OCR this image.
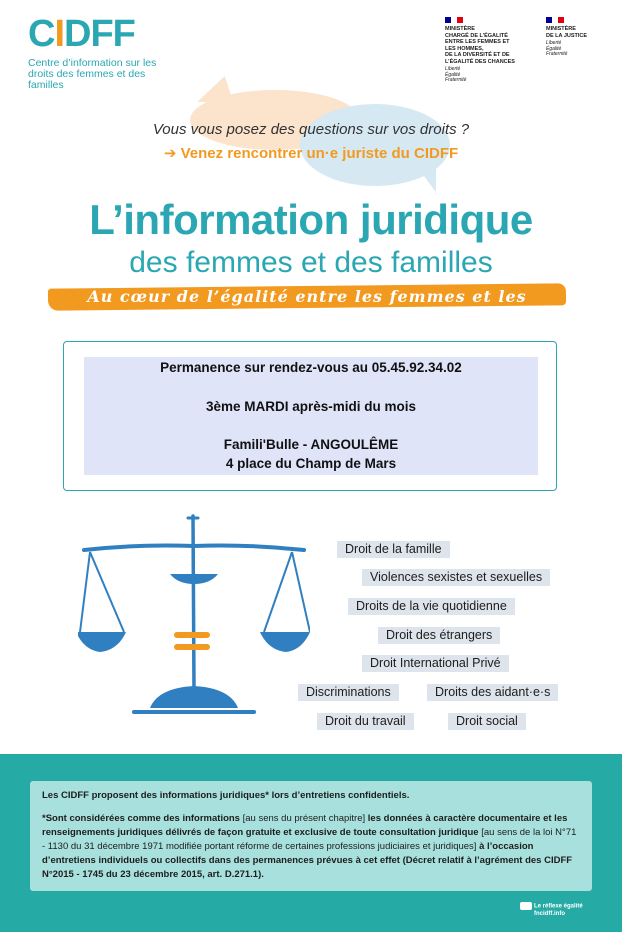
CIDFF
Centre d’information sur les droits des femmes et des familles
MINISTÈRE
CHARGÉ DE L’ÉGALITÉ
ENTRE LES FEMMES ET
LES HOMMES,
DE LA DIVERSITÉ ET DE
L’ÉGALITÉ DES CHANCES
Liberté Égalité Fraternité
MINISTÈRE
DE LA JUSTICE
Liberté Égalité Fraternité
Vous vous posez des questions sur vos droits ?
➔ Venez rencontrer un·e juriste du CIDFF
L’information juridique
des femmes et des familles
Au cœur de l’égalité entre les femmes et les hommes
Permanence sur rendez-vous au 05.45.92.34.02
3ème MARDI après-midi du mois
Famili'Bulle - ANGOULÊME
4 place du Champ de Mars
Droit de la famille
Violences sexistes et sexuelles
Droits de la vie quotidienne
Droit des étrangers
Droit International Privé
Discriminations	Droits des aidant·e·s
Droit du travail	Droit social
Les CIDFF proposent des informations juridiques* lors d’entretiens confidentiels.
*Sont considérées comme des informations [au sens du présent chapitre] les données à caractère documentaire et les renseignements juridiques délivrés de façon gratuite et exclusive de toute consultation juridique [au sens de la loi N°71 - 1130 du 31 décembre 1971 modifiée portant réforme de certaines professions judiciaires et juridiques] à l’occasion d’entretiens individuels ou collectifs dans des permanences prévues à cet effet (Décret relatif à l’agrément des CIDFF N°2015 - 1745 du 23 décembre 2015, art. D.271.1).
Le réflexe égalité
fncidff.info
